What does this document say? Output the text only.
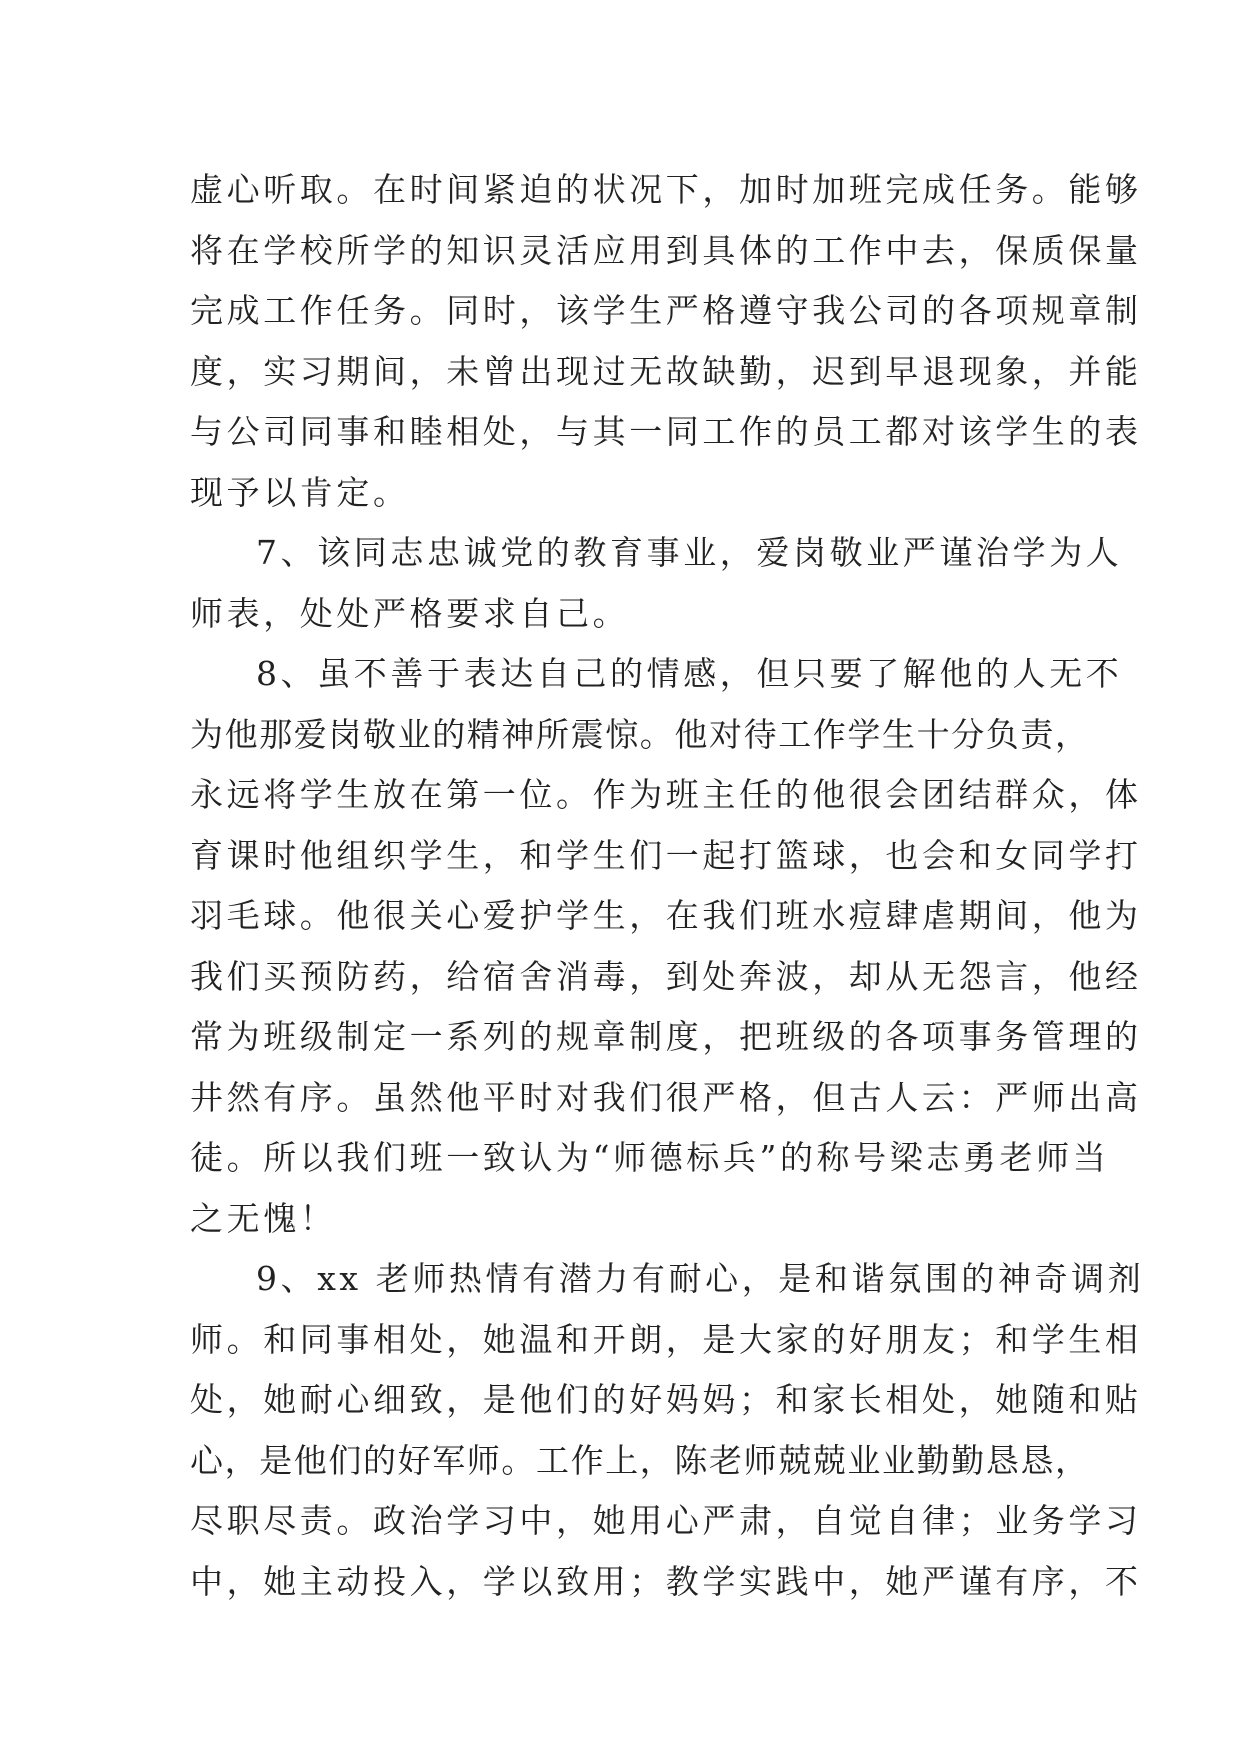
虚心听取。在时间紧迫的状况下，加时加班完成任务。能够
将在学校所学的知识灵活应用到具体的工作中去，保质保量
完成工作任务。同时，该学生严格遵守我公司的各项规章制
度，实习期间，未曾出现过无故缺勤，迟到早退现象，并能
与公司同事和睦相处，与其一同工作的员工都对该学生的表
现予以肯定。
7、该同志忠诚党的教育事业，爱岗敬业严谨治学为人
师表，处处严格要求自己。
8、虽不善于表达自己的情感，但只要了解他的人无不
为他那爱岗敬业的精神所震惊。他对待工作学生十分负责，
永远将学生放在第一位。作为班主任的他很会团结群众，体
育课时他组织学生，和学生们一起打篮球，也会和女同学打
羽毛球。他很关心爱护学生，在我们班水痘肆虐期间，他为
我们买预防药，给宿舍消毒，到处奔波，却从无怨言，他经
常为班级制定一系列的规章制度，把班级的各项事务管理的
井然有序。虽然他平时对我们很严格，但古人云：严师出高
徒。所以我们班一致认为“师德标兵”的称号梁志勇老师当
之无愧！
9、xx 老师热情有潜力有耐心，是和谐氛围的神奇调剂
师。和同事相处，她温和开朗，是大家的好朋友；和学生相
处，她耐心细致，是他们的好妈妈；和家长相处，她随和贴
心，是他们的好军师。工作上，陈老师兢兢业业勤勤恳恳，
尽职尽责。政治学习中，她用心严肃，自觉自律；业务学习
中，她主动投入，学以致用；教学实践中，她严谨有序，不
